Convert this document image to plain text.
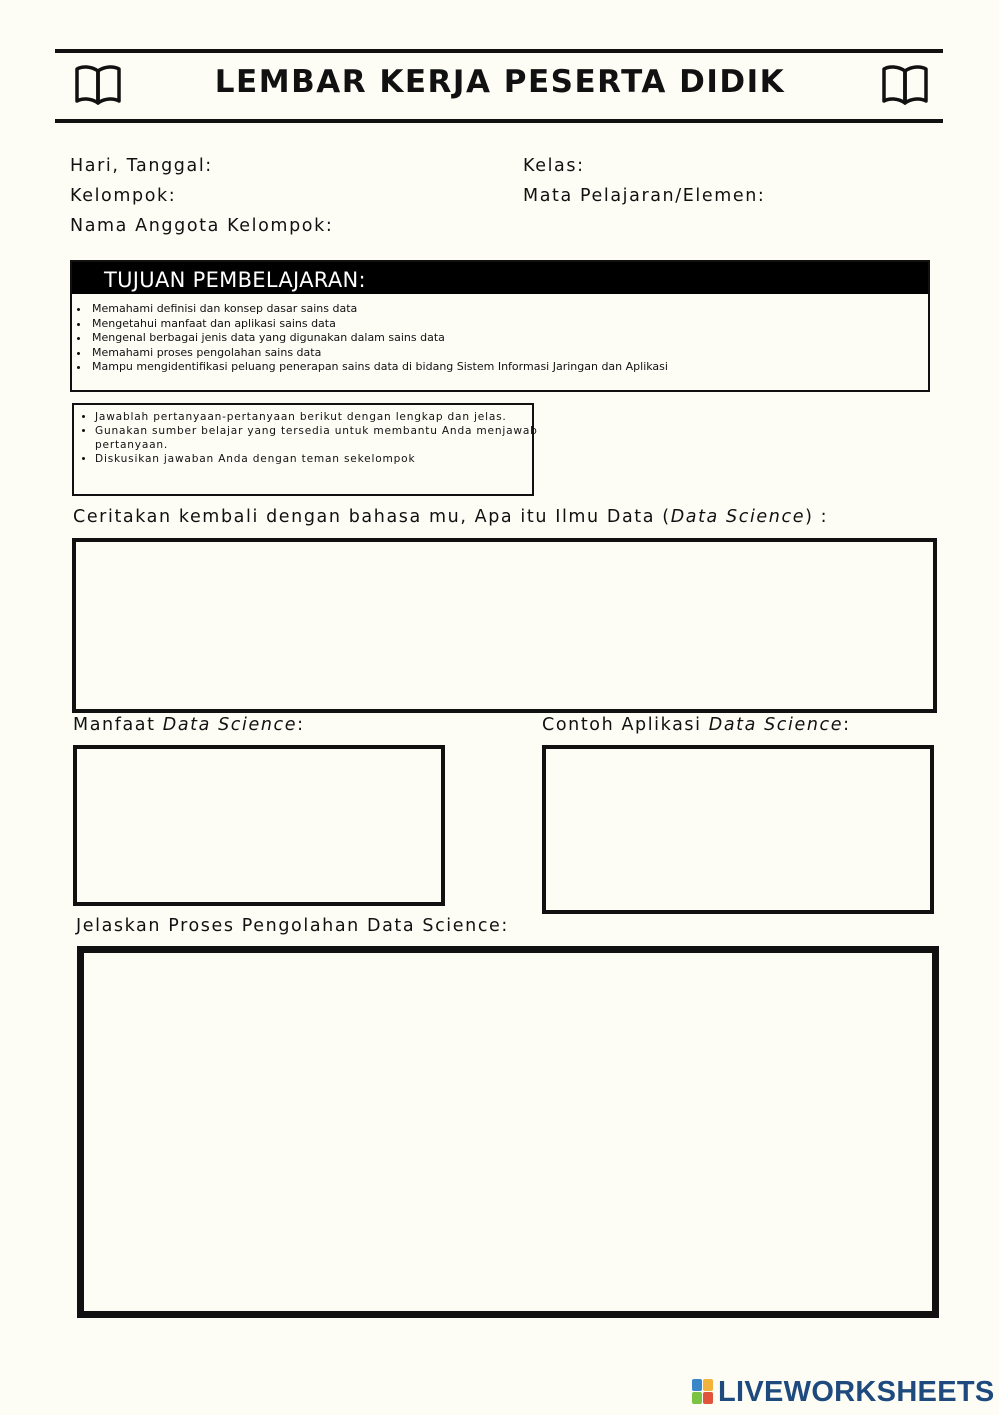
LEMBAR KERJA PESERTA DIDIK
Hari, Tanggal:
Kelompok:
Nama Anggota Kelompok:
Kelas:
Mata Pelajaran/Elemen:
TUJUAN PEMBELAJARAN:
• Memahami definisi dan konsep dasar sains data
• Mengetahui manfaat dan aplikasi sains data
• Mengenal berbagai jenis data yang digunakan dalam sains data
• Memahami proses pengolahan sains data
• Mampu mengidentifikasi peluang penerapan sains data di bidang Sistem Informasi Jaringan dan Aplikasi
• Jawablah pertanyaan-pertanyaan berikut dengan lengkap dan jelas.
• Gunakan sumber belajar yang tersedia untuk membantu Anda menjawab pertanyaan.
• Diskusikan jawaban Anda dengan teman sekelompok
Ceritakan kembali dengan bahasa mu, Apa itu Ilmu Data (Data Science) :
Manfaat Data Science:	Contoh Aplikasi Data Science:
Jelaskan Proses Pengolahan Data Science:
LIVEWORKSHEETS
